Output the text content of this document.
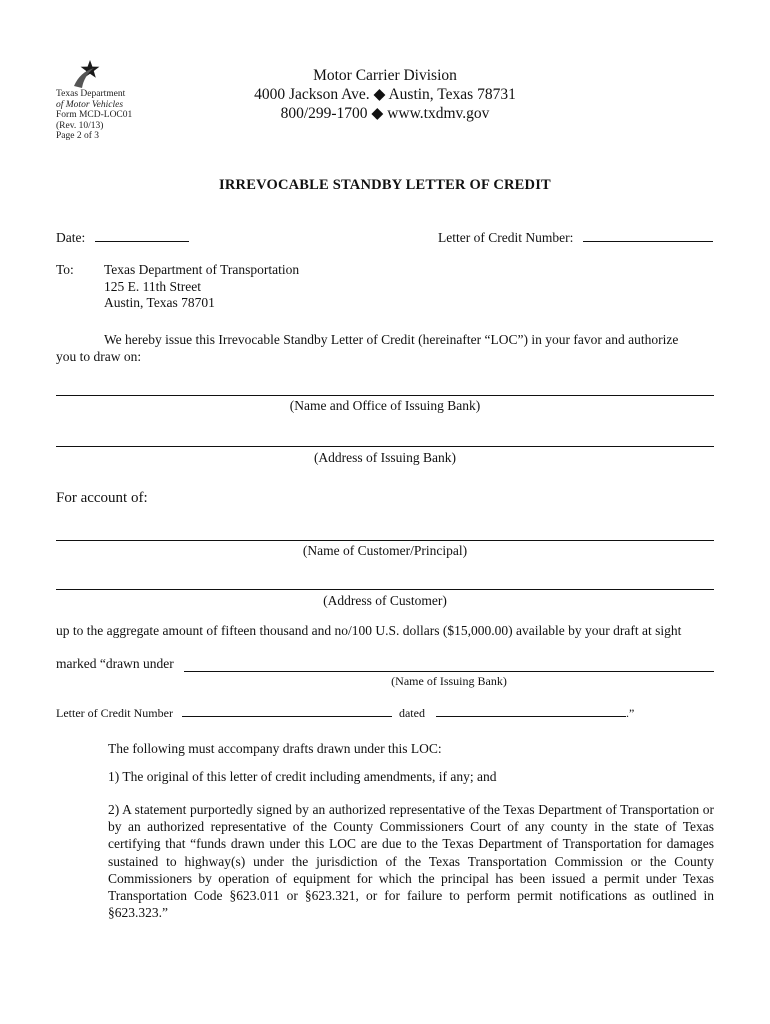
Texas Department
of Motor Vehicles
Form MCD-LOC01
(Rev. 10/13)
Page 2 of 3
Motor Carrier Division
4000 Jackson Ave. ◆ Austin, Texas 78731
800/299-1700 ◆ www.txdmv.gov
IRREVOCABLE STANDBY LETTER OF CREDIT
Date:	Letter of Credit Number:
To: Texas Department of Transportation
125 E. 11th Street
Austin, Texas 78701
We hereby issue this Irrevocable Standby Letter of Credit (hereinafter “LOC”) in your favor and authorize
you to draw on:
(Name and Office of Issuing Bank)
(Address of Issuing Bank)
For account of:
(Name of Customer/Principal)
(Address of Customer)
up to the aggregate amount of fifteen thousand and no/100 U.S. dollars ($15,000.00) available by your draft at sight
marked “drawn under
(Name of Issuing Bank)
Letter of Credit Number	dated	.”
The following must accompany drafts drawn under this LOC:
1) The original of this letter of credit including amendments, if any; and
2) A statement purportedly signed by an authorized representative of the Texas Department of Transportation or by an authorized representative of the County Commissioners Court of any county in the state of Texas certifying that “funds drawn under this LOC are due to the Texas Department of Transportation for damages sustained to highway(s) under the jurisdiction of the Texas Transportation Commission or the County Commissioners by operation of equipment for which the principal has been issued a permit under Texas Transportation Code §623.011 or §623.321, or for failure to perform permit notifications as outlined in §623.323.”
